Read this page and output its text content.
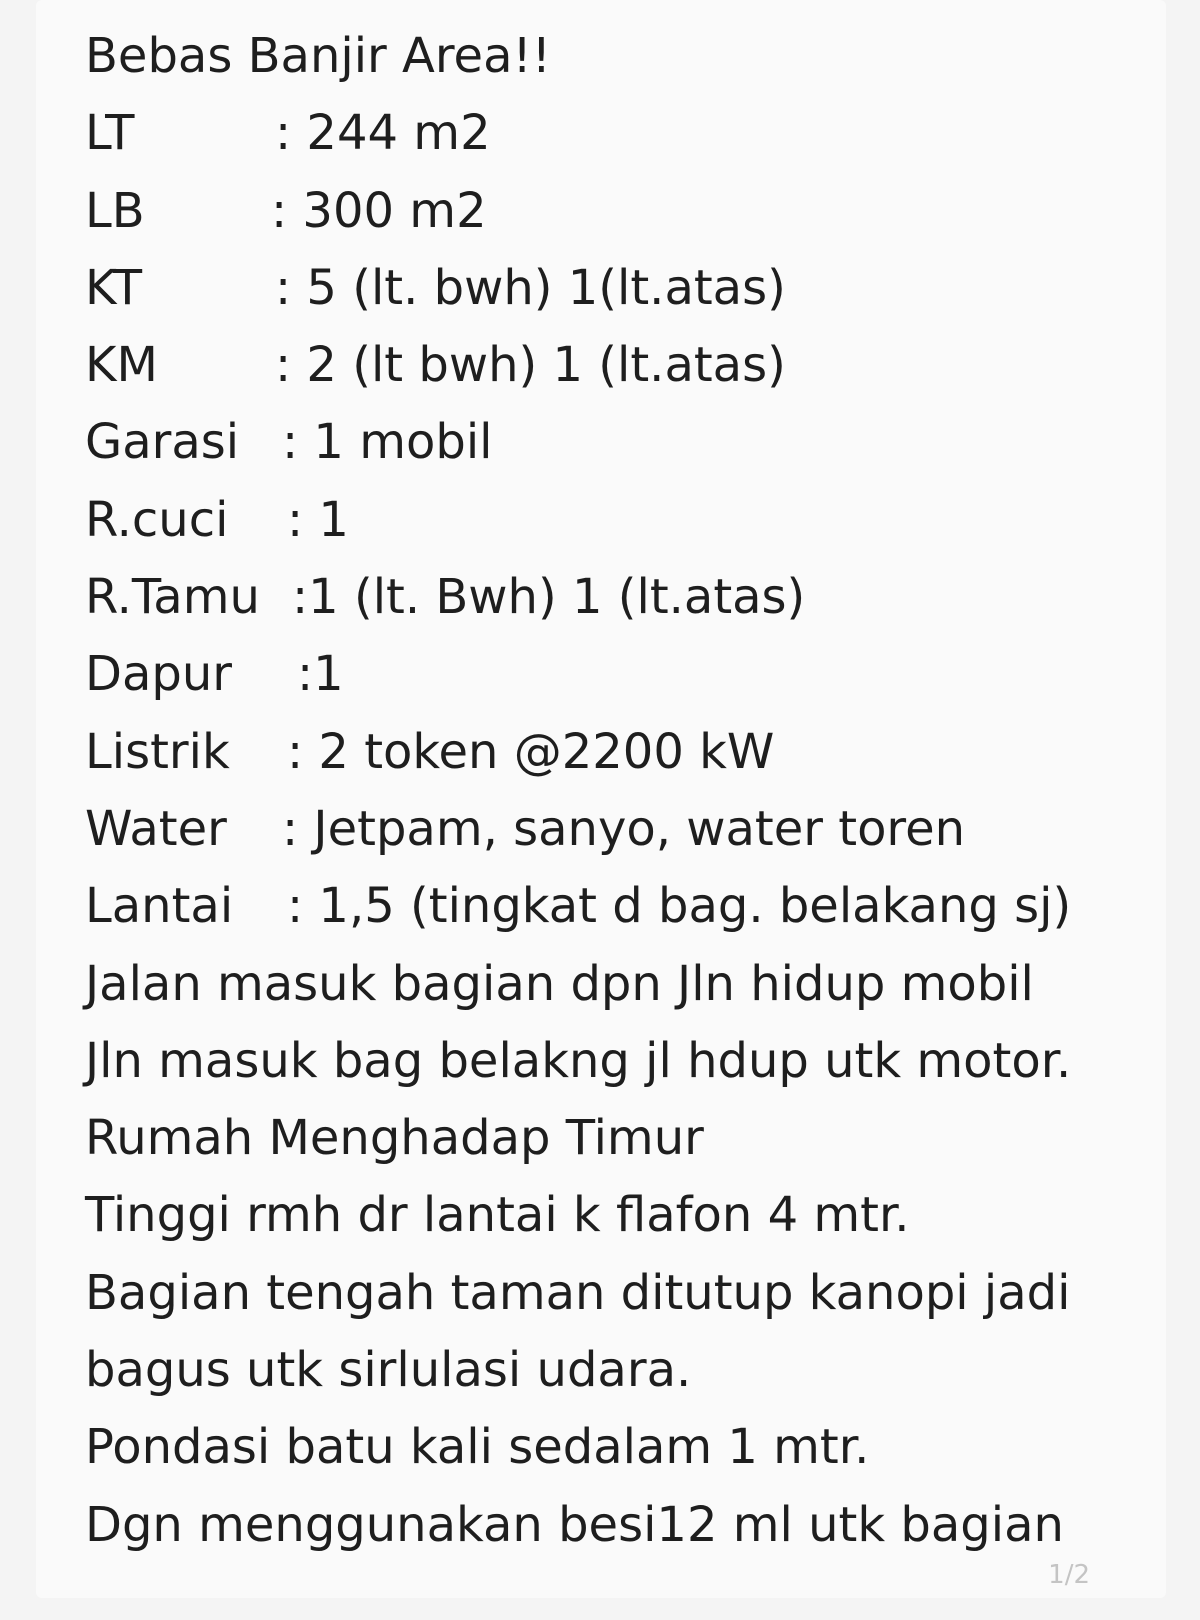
Bebas Banjir Area!!
LT	: 244 m2
LB	: 300 m2
KT	: 5 (lt. bwh) 1(lt.atas)
KM : 2 (lt bwh) 1 (lt.atas)
Garasi : 1 mobil
R.cuci : 1
R.Tamu :1 (lt. Bwh) 1 (lt.atas)
Dapur :1
Listrik : 2 token @2200 kW
Water : Jetpam, sanyo, water toren
Lantai : 1,5 (tingkat d bag. belakang sj)
Jalan masuk bagian dpn Jln hidup mobil
Jln masuk bag belakng jl hdup utk motor.
Rumah Menghadap Timur
Tinggi rmh dr lantai k flafon 4 mtr.
Bagian tengah taman ditutup kanopi jadi
bagus utk sirlulasi udara.
Pondasi batu kali sedalam 1 mtr.
Dgn menggunakan besi12 ml utk bagian
1/2
